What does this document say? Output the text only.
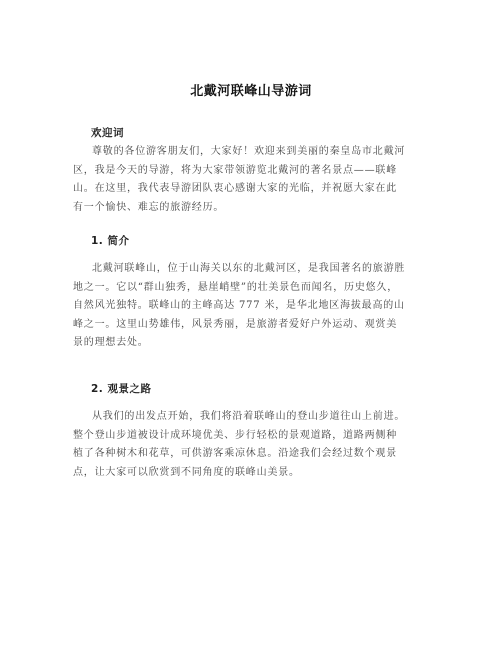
北戴河联峰山导游词
欢迎词
尊敬的各位游客朋友们，大家好！欢迎来到美丽的秦皇岛市北戴河
区，我是今天的导游，将为大家带领游览北戴河的著名景点——联峰
山。在这里，我代表导游团队衷心感谢大家的光临，并祝愿大家在此
有一个愉快、难忘的旅游经历。
1. 简介
北戴河联峰山，位于山海关以东的北戴河区，是我国著名的旅游胜
地之一。它以“群山独秀，悬崖峭壁”的壮美景色而闻名，历史悠久，
自然风光独特。联峰山的主峰高达 777 米，是华北地区海拔最高的山
峰之一。这里山势雄伟，风景秀丽，是旅游者爱好户外运动、观赏美
景的理想去处。
2. 观景之路
从我们的出发点开始，我们将沿着联峰山的登山步道往山上前进。
整个登山步道被设计成环境优美、步行轻松的景观道路，道路两侧种
植了各种树木和花草，可供游客乘凉休息。沿途我们会经过数个观景
点，让大家可以欣赏到不同角度的联峰山美景。
